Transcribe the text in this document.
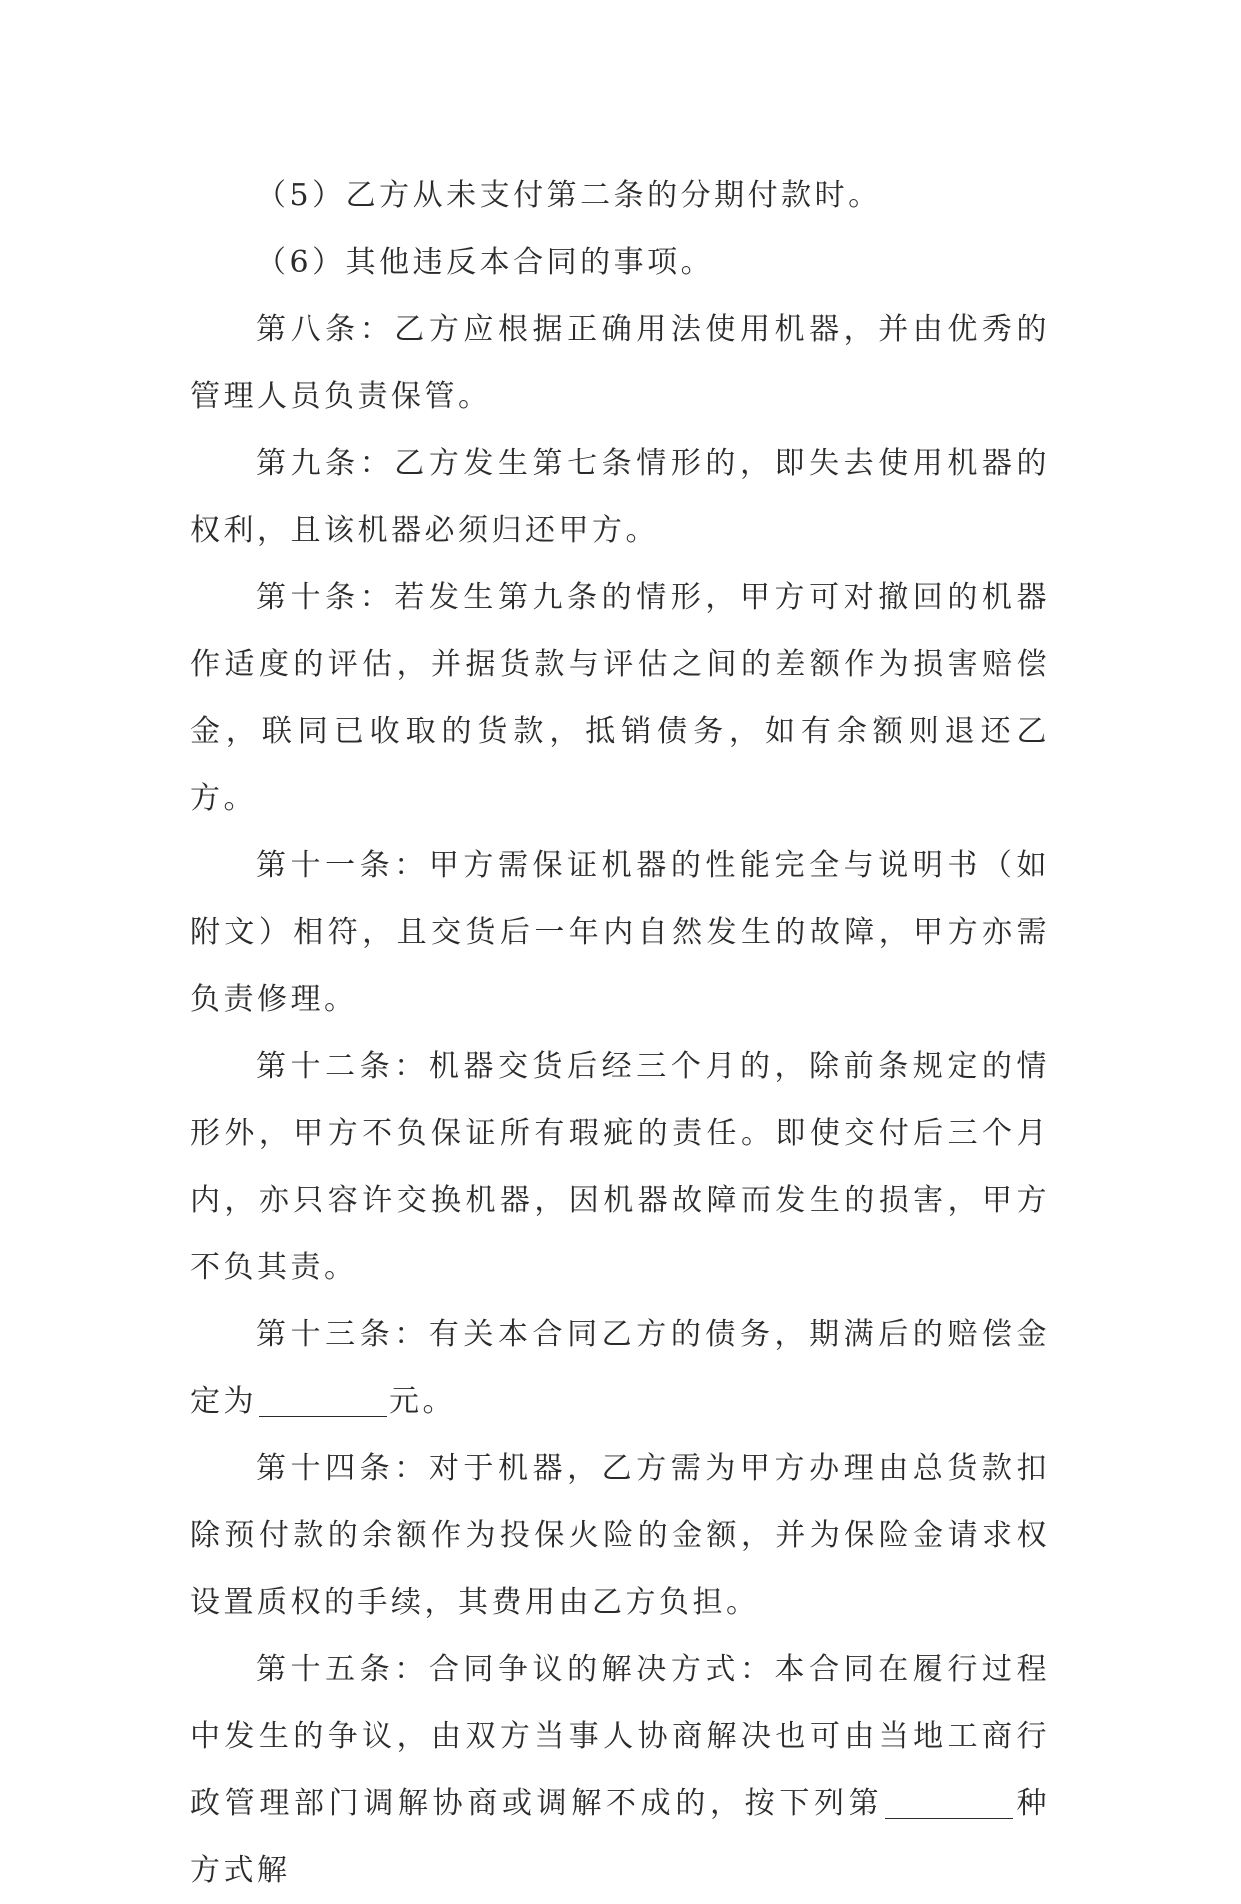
（5）乙方从未支付第二条的分期付款时。

（6）其他违反本合同的事项。

第八条：乙方应根据正确用法使用机器，并由优秀的管理人员负责保管。

第九条：乙方发生第七条情形的，即失去使用机器的权利，且该机器必须归还甲方。

第十条：若发生第九条的情形，甲方可对撤回的机器作适度的评估，并据货款与评估之间的差额作为损害赔偿金，联同已收取的货款，抵销债务，如有余额则退还乙方。

第十一条：甲方需保证机器的性能完全与说明书（如附文）相符，且交货后一年内自然发生的故障，甲方亦需负责修理。

第十二条：机器交货后经三个月的，除前条规定的情形外，甲方不负保证所有瑕疵的责任。即使交付后三个月内，亦只容许交换机器，因机器故障而发生的损害，甲方不负其责。

第十三条：有关本合同乙方的债务，期满后的赔偿金定为	元。

第十四条：对于机器，乙方需为甲方办理由总货款扣除预付款的余额作为投保火险的金额，并为保险金请求权设置质权的手续，其费用由乙方负担。

第十五条：合同争议的解决方式：本合同在履行过程中发生的争议，由双方当事人协商解决也可由当地工商行政管理部门调解协商或调解不成的，按下列第	种方式解
